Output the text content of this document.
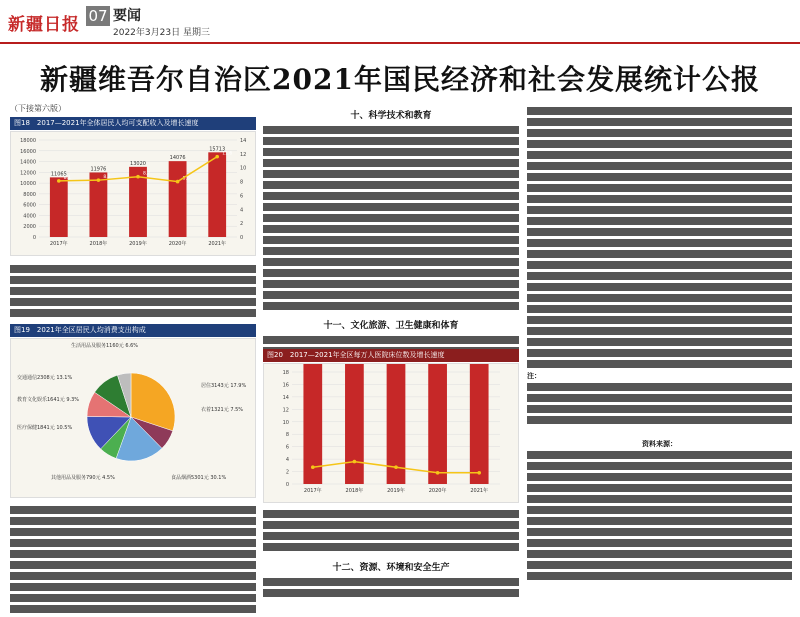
新疆日报 07 要闻
2022年3月23日 星期三
新疆维吾尔自治区2021年国民经济和社会发展统计公报
（下接第六版）
图18　2017—2021年全体居民人均可支配收入及增长速度
18000
16000
14000
12000
10000
8000
6000
4000
2000
0
14
12
10
8
6
4
2
0
2017年
11065
8.1
2018年
11976
8.2
2019年
13020
8.7
2020年
14076
8.0
2021年
15713
11.6
图19　2021年全区居民人均消费支出构成
生活用品及服务1160元 6.6%
交通通信2308元 13.1%
教育文化娱乐1641元 9.3%
医疗保健1841元 10.5%
其他用品及服务790元 4.5%
居住3143元 17.9%
衣着1321元 7.5%
食品烟酒5301元 30.1%
十、科学技术和教育
十一、文化旅游、卫生健康和体育
图20　2017—2021年全区每万人医院床位数及增长速度
18
16
14
12
10
8
6
4
2
0
2017年	2018年	2019年	2020年	2021年
十二、资源、环境和安全生产
注：
资料来源：
